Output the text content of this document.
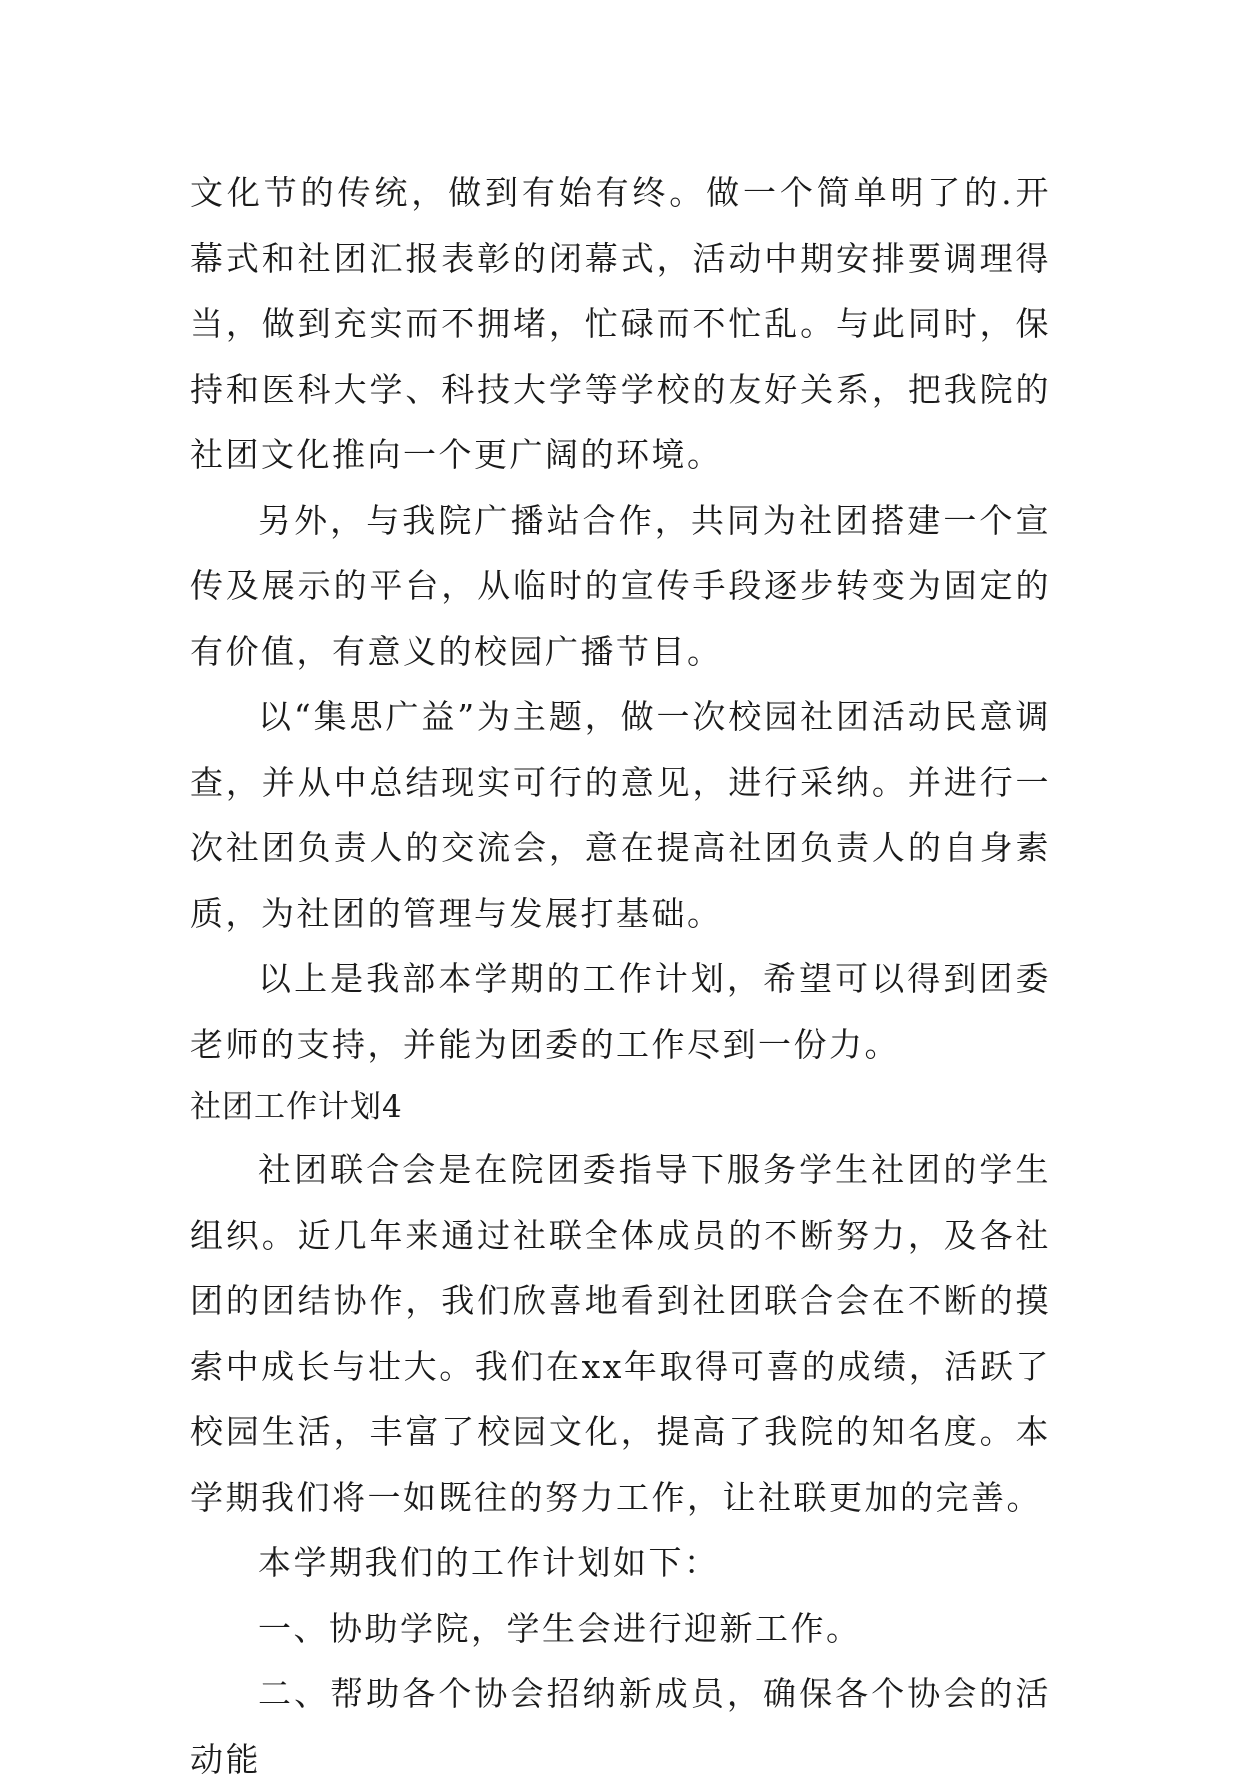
文化节的传统，做到有始有终。做一个简单明了的.开幕式和社团汇报表彰的闭幕式，活动中期安排要调理得当，做到充实而不拥堵，忙碌而不忙乱。与此同时，保持和医科大学、科技大学等学校的友好关系，把我院的社团文化推向一个更广阔的环境。

另外，与我院广播站合作，共同为社团搭建一个宣传及展示的平台，从临时的宣传手段逐步转变为固定的有价值，有意义的校园广播节目。

以“集思广益”为主题，做一次校园社团活动民意调查，并从中总结现实可行的意见，进行采纳。并进行一次社团负责人的交流会，意在提高社团负责人的自身素质，为社团的管理与发展打基础。

以上是我部本学期的工作计划，希望可以得到团委老师的支持，并能为团委的工作尽到一份力。

社团工作计划4

社团联合会是在院团委指导下服务学生社团的学生组织。近几年来通过社联全体成员的不断努力，及各社团的团结协作，我们欣喜地看到社团联合会在不断的摸索中成长与壮大。我们在xx年取得可喜的成绩，活跃了校园生活，丰富了校园文化，提高了我院的知名度。本学期我们将一如既往的努力工作，让社联更加的完善。

本学期我们的工作计划如下：

一、协助学院，学生会进行迎新工作。

二、帮助各个协会招纳新成员，确保各个协会的活动能
